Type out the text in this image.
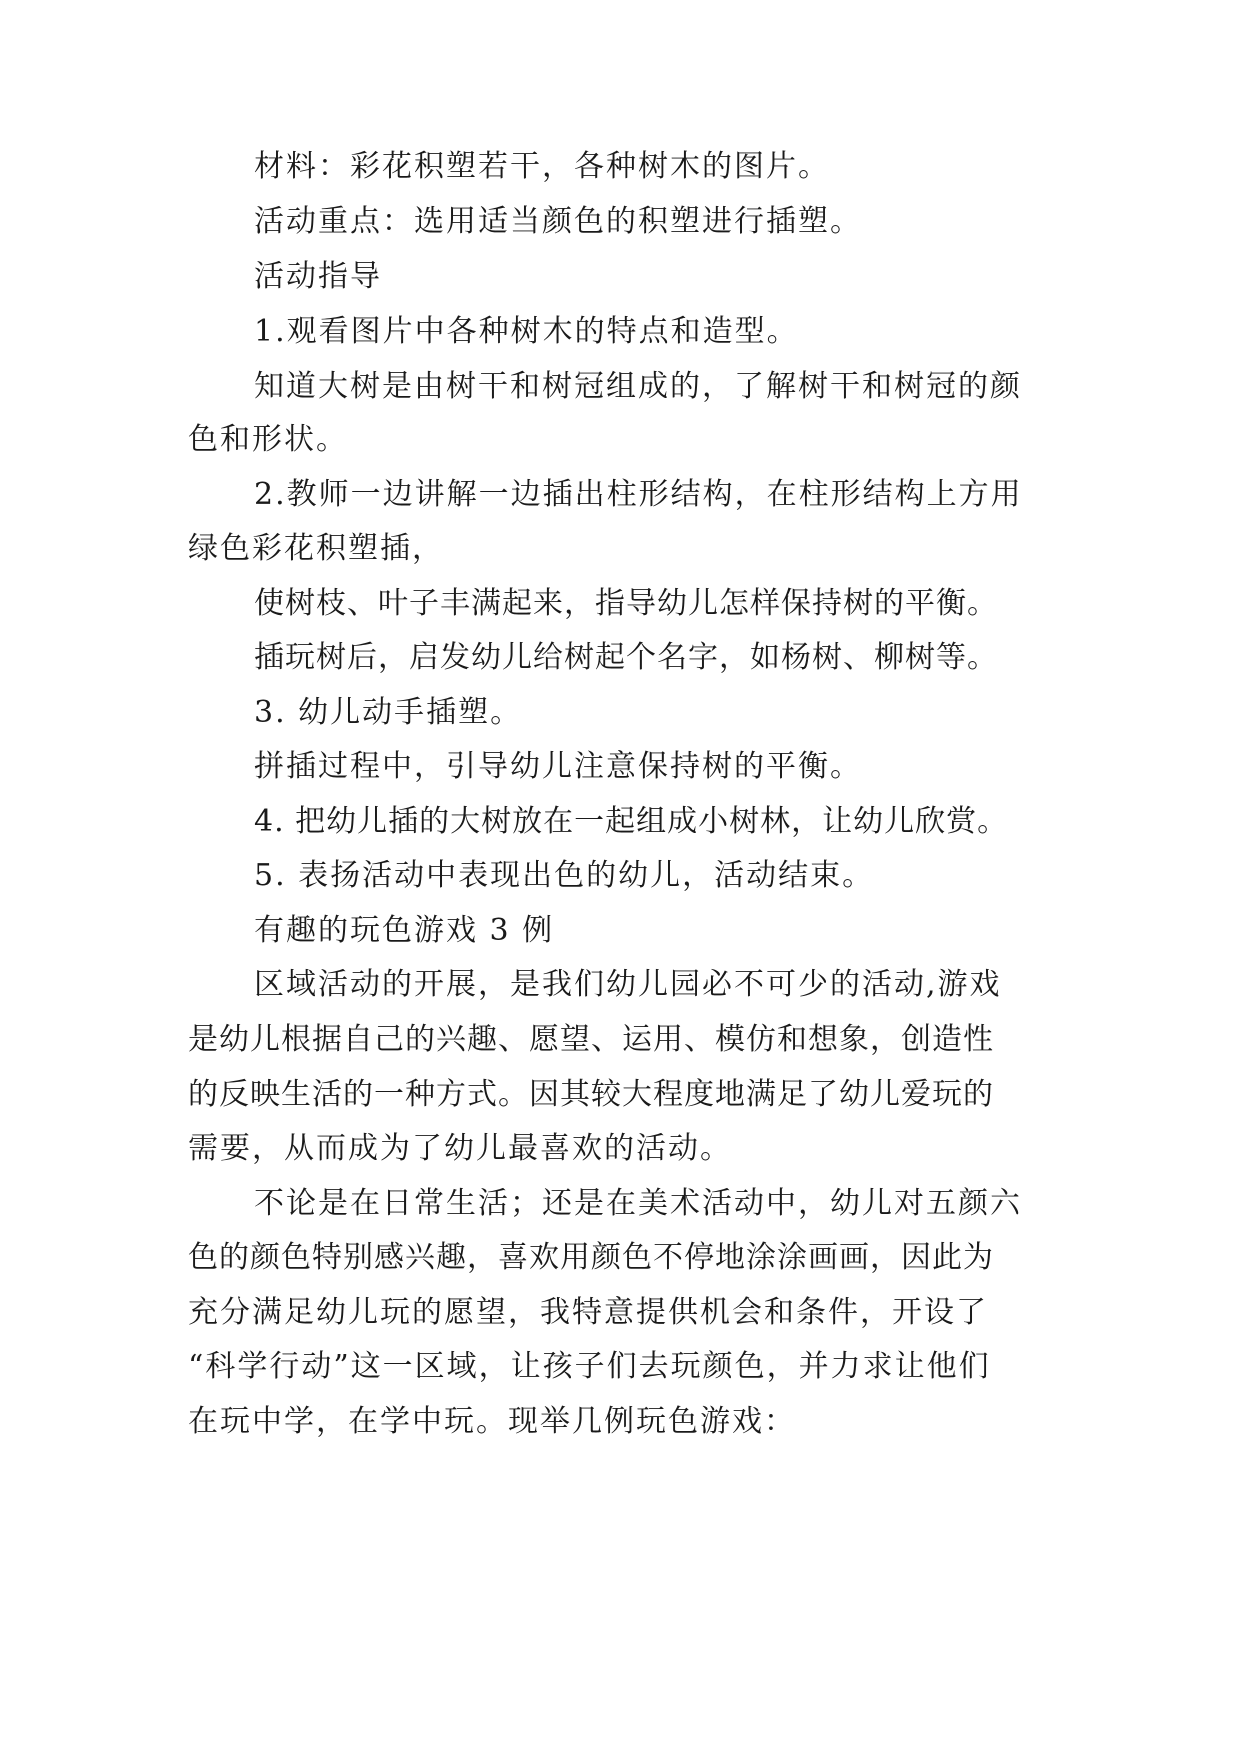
材料：彩花积塑若干，各种树木的图片。
活动重点：选用适当颜色的积塑进行插塑。
活动指导
1.观看图片中各种树木的特点和造型。
知道大树是由树干和树冠组成的，了解树干和树冠的颜
色和形状。
2.教师一边讲解一边插出柱形结构，在柱形结构上方用
绿色彩花积塑插，
使树枝、叶子丰满起来，指导幼儿怎样保持树的平衡。
插玩树后，启发幼儿给树起个名字，如杨树、柳树等。
3. 幼儿动手插塑。
拼插过程中，引导幼儿注意保持树的平衡。
4. 把幼儿插的大树放在一起组成小树林，让幼儿欣赏。
5. 表扬活动中表现出色的幼儿，活动结束。
有趣的玩色游戏 3 例
区域活动的开展，是我们幼儿园必不可少的活动,游戏
是幼儿根据自己的兴趣、愿望、运用、模仿和想象，创造性
的反映生活的一种方式。因其较大程度地满足了幼儿爱玩的
需要，从而成为了幼儿最喜欢的活动。
不论是在日常生活；还是在美术活动中，幼儿对五颜六
色的颜色特别感兴趣，喜欢用颜色不停地涂涂画画，因此为
充分满足幼儿玩的愿望，我特意提供机会和条件，开设了
“科学行动”这一区域，让孩子们去玩颜色，并力求让他们
在玩中学，在学中玩。现举几例玩色游戏：
